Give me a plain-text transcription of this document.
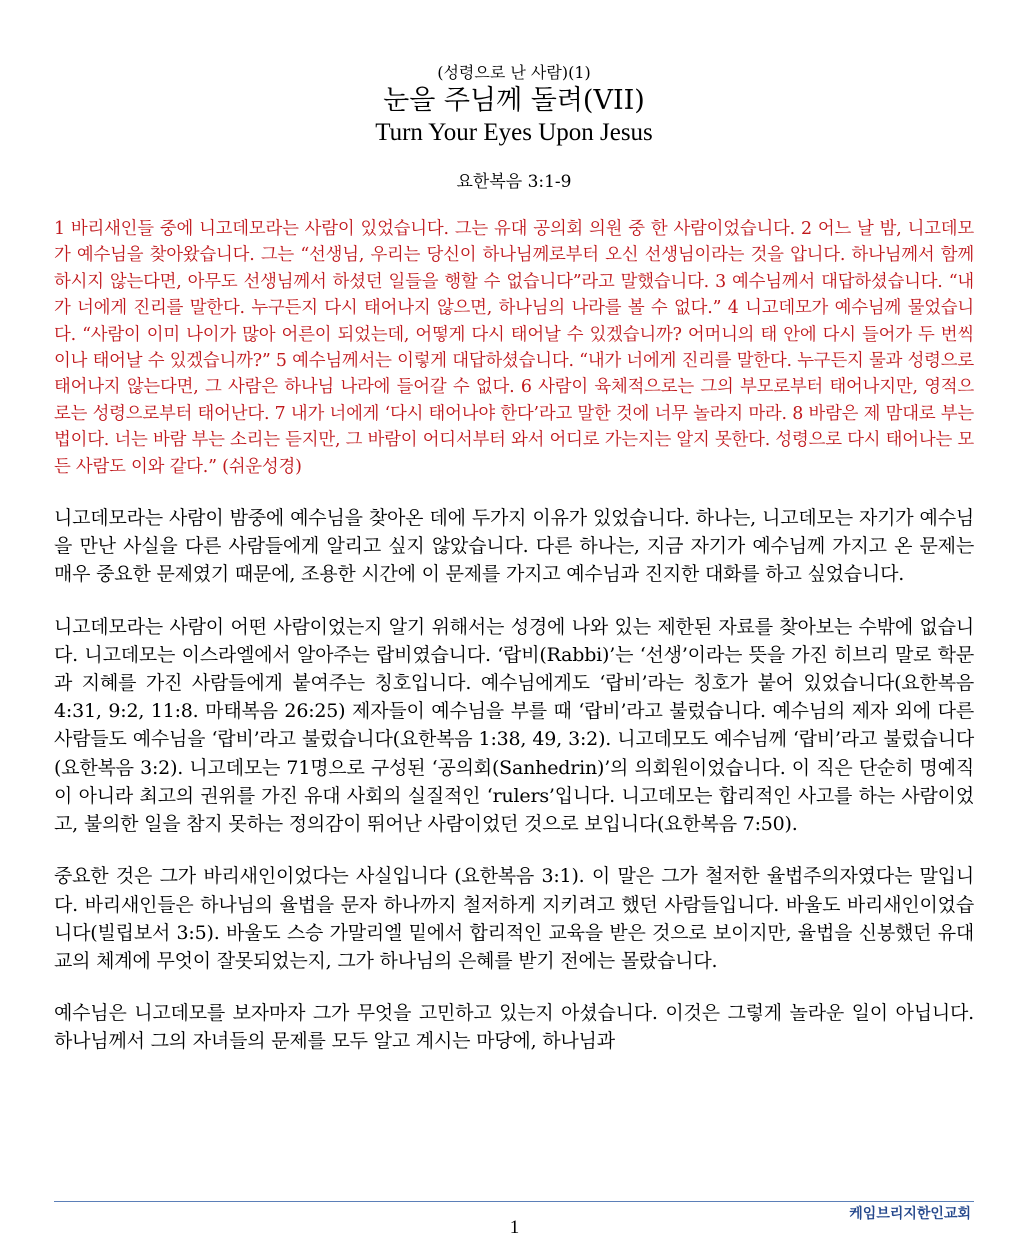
(성령으로 난 사람)(1)

눈을 주님께 돌려(VII)

Turn Your Eyes Upon Jesus

요한복음 3:1-9
1 바리새인들 중에 니고데모라는 사람이 있었습니다. 그는 유대 공의회 의원 중 한 사람이었습니다. 2 어느 날 밤, 니고데모가 예수님을 찾아왔습니다. 그는 “선생님, 우리는 당신이 하나님께로부터 오신 선생님이라는 것을 압니다. 하나님께서 함께하시지 않는다면, 아무도 선생님께서 하셨던 일들을 행할 수 없습니다”라고 말했습니다. 3 예수님께서 대답하셨습니다. “내가 너에게 진리를 말한다. 누구든지 다시 태어나지 않으면, 하나님의 나라를 볼 수 없다.” 4 니고데모가 예수님께 물었습니다. “사람이 이미 나이가 많아 어른이 되었는데, 어떻게 다시 태어날 수 있겠습니까? 어머니의 태 안에 다시 들어가 두 번씩이나 태어날 수 있겠습니까?” 5 예수님께서는 이렇게 대답하셨습니다. “내가 너에게 진리를 말한다. 누구든지 물과 성령으로 태어나지 않는다면, 그 사람은 하나님 나라에 들어갈 수 없다. 6 사람이 육체적으로는 그의 부모로부터 태어나지만, 영적으로는 성령으로부터 태어난다. 7 내가 너에게 ‘다시 태어나야 한다’라고 말한 것에 너무 놀라지 마라. 8 바람은 제 맘대로 부는 법이다. 너는 바람 부는 소리는 듣지만, 그 바람이 어디서부터 와서 어디로 가는지는 알지 못한다. 성령으로 다시 태어나는 모든 사람도 이와 같다.” (쉬운성경)
니고데모라는 사람이 밤중에 예수님을 찾아온 데에 두가지 이유가 있었습니다. 하나는, 니고데모는 자기가 예수님을 만난 사실을 다른 사람들에게 알리고 싶지 않았습니다. 다른 하나는, 지금 자기가 예수님께 가지고 온 문제는 매우 중요한 문제였기 때문에, 조용한 시간에 이 문제를 가지고 예수님과 진지한 대화를 하고 싶었습니다.
니고데모라는 사람이 어떤 사람이었는지 알기 위해서는 성경에 나와 있는 제한된 자료를 찾아보는 수밖에 없습니다. 니고데모는 이스라엘에서 알아주는 랍비였습니다. ‘랍비(Rabbi)’는 ‘선생’이라는 뜻을 가진 히브리 말로 학문과 지혜를 가진 사람들에게 붙여주는 칭호입니다. 예수님에게도 ‘랍비’라는 칭호가 붙어 있었습니다(요한복음 4:31, 9:2, 11:8. 마태복음 26:25) 제자들이 예수님을 부를 때 ‘랍비’라고 불렀습니다. 예수님의 제자 외에 다른 사람들도 예수님을 ‘랍비’라고 불렀습니다(요한복음 1:38, 49, 3:2). 니고데모도 예수님께 ‘랍비’라고 불렀습니다(요한복음 3:2). 니고데모는 71명으로 구성된 ‘공의회(Sanhedrin)’의 의회원이었습니다. 이 직은 단순히 명예직이 아니라 최고의 권위를 가진 유대 사회의 실질적인 ‘rulers’입니다. 니고데모는 합리적인 사고를 하는 사람이었고, 불의한 일을 참지 못하는 정의감이 뛰어난 사람이었던 것으로 보입니다(요한복음 7:50).
중요한 것은 그가 바리새인이었다는 사실입니다 (요한복음 3:1). 이 말은 그가 철저한 율법주의자였다는 말입니다. 바리새인들은 하나님의 율법을 문자 하나까지 철저하게 지키려고 했던 사람들입니다. 바울도 바리새인이었습니다(빌립보서 3:5). 바울도 스승 가말리엘 밑에서 합리적인 교육을 받은 것으로 보이지만, 율법을 신봉했던 유대교의 체계에 무엇이 잘못되었는지, 그가 하나님의 은혜를 받기 전에는 몰랐습니다.
예수님은 니고데모를 보자마자 그가 무엇을 고민하고 있는지 아셨습니다. 이것은 그렇게 놀라운 일이 아닙니다. 하나님께서 그의 자녀들의 문제를 모두 알고 계시는 마당에, 하나님과
케임브리지한인교회
1
